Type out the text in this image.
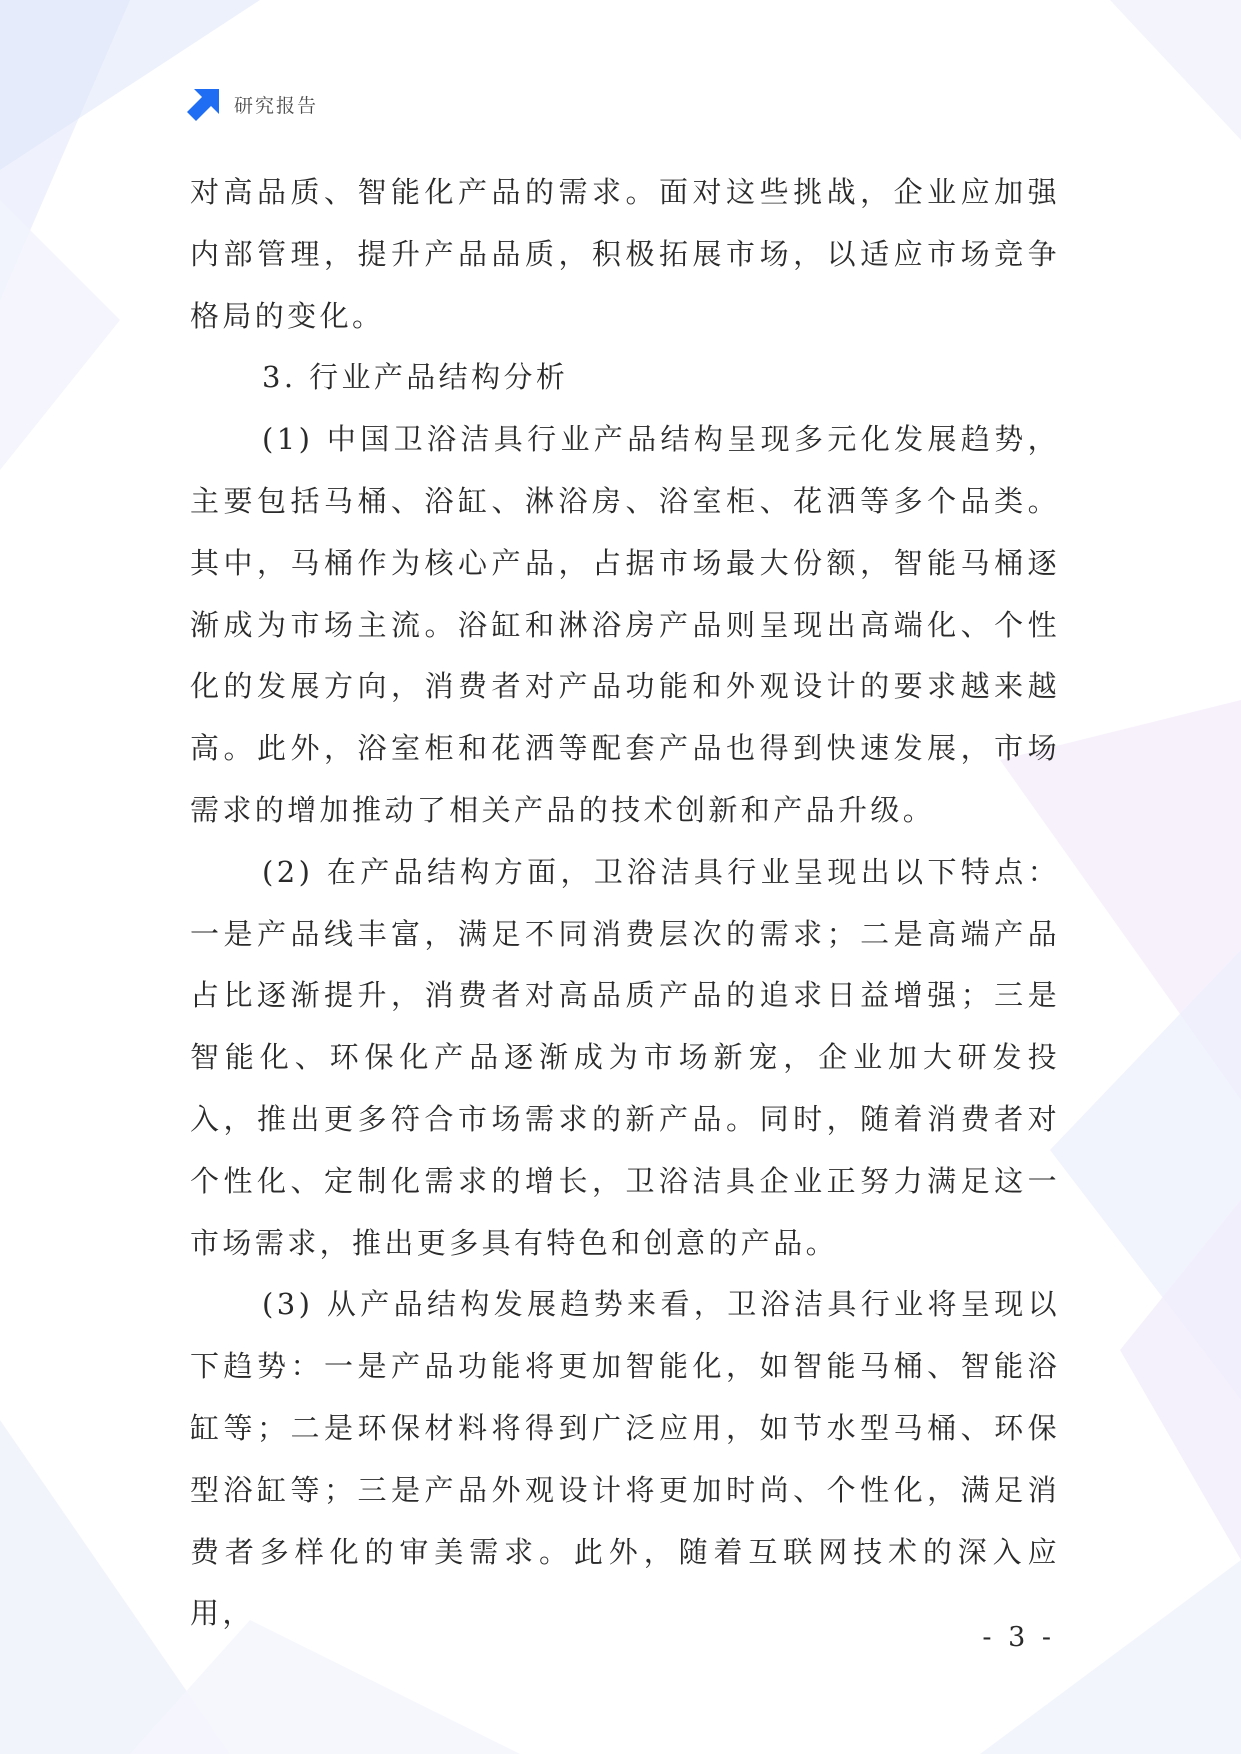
研究报告

对高品质、智能化产品的需求。面对这些挑战，企业应加强内部管理，提升产品品质，积极拓展市场，以适应市场竞争格局的变化。

3. 行业产品结构分析

(1) 中国卫浴洁具行业产品结构呈现多元化发展趋势，主要包括马桶、浴缸、淋浴房、浴室柜、花洒等多个品类。其中，马桶作为核心产品，占据市场最大份额，智能马桶逐渐成为市场主流。浴缸和淋浴房产品则呈现出高端化、个性化的发展方向，消费者对产品功能和外观设计的要求越来越高。此外，浴室柜和花洒等配套产品也得到快速发展，市场需求的增加推动了相关产品的技术创新和产品升级。

(2) 在产品结构方面，卫浴洁具行业呈现出以下特点：一是产品线丰富，满足不同消费层次的需求；二是高端产品占比逐渐提升，消费者对高品质产品的追求日益增强；三是智能化、环保化产品逐渐成为市场新宠，企业加大研发投入，推出更多符合市场需求的新产品。同时，随着消费者对个性化、定制化需求的增长，卫浴洁具企业正努力满足这一市场需求，推出更多具有特色和创意的产品。

(3) 从产品结构发展趋势来看，卫浴洁具行业将呈现以下趋势：一是产品功能将更加智能化，如智能马桶、智能浴缸等；二是环保材料将得到广泛应用，如节水型马桶、环保型浴缸等；三是产品外观设计将更加时尚、个性化，满足消费者多样化的审美需求。此外，随着互联网技术的深入应用，

- 3 -
